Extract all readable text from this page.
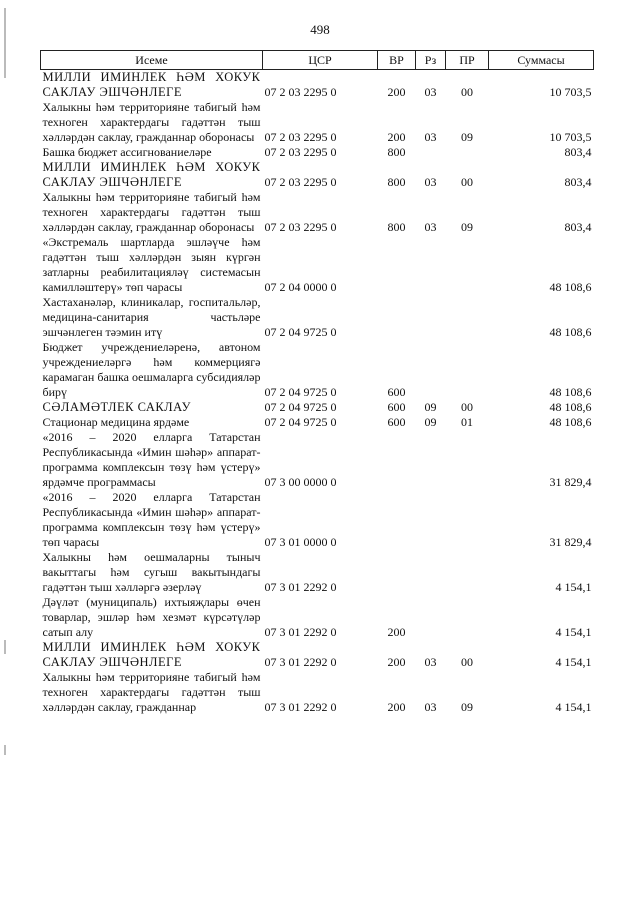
498
Исеме	ЦСР	ВР	Рз	ПР	Суммасы
МИЛЛИ ИМИНЛЕК ҺӘМ ХОКУК САКЛАУ ЭШЧӘНЛЕГЕ	07 2 03 2295 0	200	03	00	10 703,5
Халыкны һәм территорияне табигый һәм техноген характердагы гадәттән тыш хәлләрдән саклау, гражданнар оборонасы	07 2 03 2295 0	200	03	09	10 703,5
Башка бюджет ассигнованиеләре	07 2 03 2295 0	800			803,4
МИЛЛИ ИМИНЛЕК ҺӘМ ХОКУК САКЛАУ ЭШЧӘНЛЕГЕ	07 2 03 2295 0	800	03	00	803,4
Халыкны һәм территорияне табигый һәм техноген характердагы гадәттән тыш хәлләрдән саклау, гражданнар оборонасы	07 2 03 2295 0	800	03	09	803,4
«Экстремаль шартларда эшләүче һәм гадәттән тыш хәлләрдән зыян күргән затларны реабилитацияләү системасын камилләштерү» төп чарасы	07 2 04 0000 0				48 108,6
Хастаханәләр, клиникалар, госпитальләр, медицина-санитария частьләре эшчәнлеген тәэмин итү	07 2 04 9725 0				48 108,6
Бюджет учреждениеләренә, автоном учреждениеләргә һәм коммерциягә карамаган башка оешмаларга субсидияләр бирү	07 2 04 9725 0	600			48 108,6
СӘЛАМӘТЛЕК САКЛАУ	07 2 04 9725 0	600	09	00	48 108,6
Стационар медицина ярдәме	07 2 04 9725 0	600	09	01	48 108,6
«2016 – 2020 елларга Татарстан Республикасында «Имин шәһәр» аппарат-программа комплексын төзү һәм үстерү» ярдәмче программасы	07 3 00 0000 0				31 829,4
«2016 – 2020 елларга Татарстан Республикасында «Имин шәһәр» аппарат-программа комплексын төзү һәм үстерү» төп чарасы	07 3 01 0000 0				31 829,4
Халыкны һәм оешмаларны тыныч вакыттагы һәм сугыш вакытындагы гадәттән тыш хәлләргә әзерләү	07 3 01 2292 0				4 154,1
Дәүләт (муниципаль) ихтыяҗлары өчен товарлар, эшләр һәм хезмәт күрсәтүләр сатып алу	07 3 01 2292 0	200			4 154,1
МИЛЛИ ИМИНЛЕК ҺӘМ ХОКУК САКЛАУ ЭШЧӘНЛЕГЕ	07 3 01 2292 0	200	03	00	4 154,1
Халыкны һәм территорияне табигый һәм техноген характердагы гадәттән тыш хәлләрдән саклау, гражданнар	07 3 01 2292 0	200	03	09	4 154,1
